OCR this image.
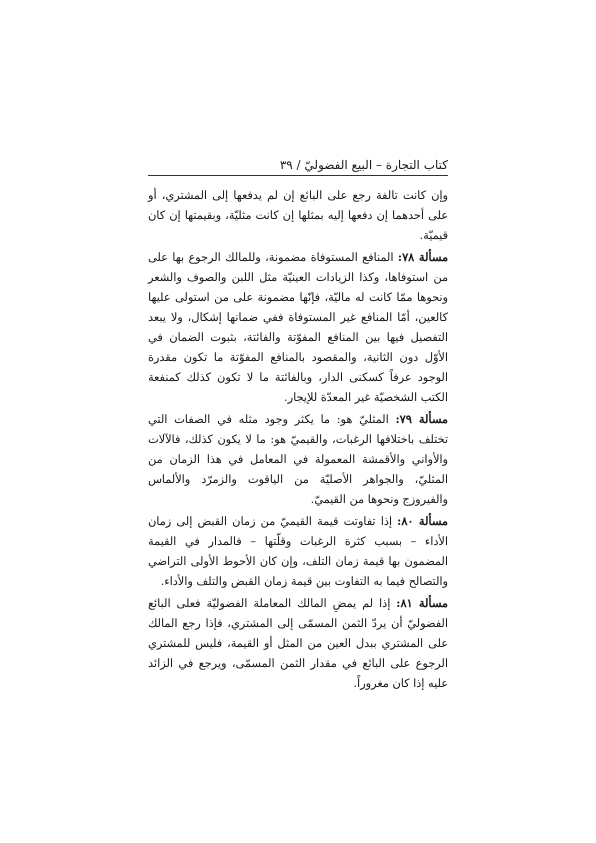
كتاب التجارة – البيع الفضوليّ / ٣٩

وإن كانت تالفة رجع على البائع إن لم يدفعها إلى المشتري، أو على أحدهما إن دفعها إليه بمثلها إن كانت مثليّة، وبقيمتها إن كان قيميّة.

مسألة ٧٨: المنافع المستوفاة مضمونة، وللمالك الرجوع بها على من استوفاها، وكذا الزيادات العينيّة مثل اللبن والصوف والشعر ونحوها ممّا كانت له ماليّة، فإنّها مضمونة على من استولى عليها كالعين، أمّا المنافع غير المستوفاة ففي ضمانها إشكال، ولا يبعد التفصيل فيها بين المنافع المفوّتة والفائتة، بثبوت الضمان في الأوّل دون الثانية، والمقصود بالمنافع المفوّتة ما تكون مقدرة الوجود عرفاً كسكنى الدار، وبالفائتة ما لا تكون كذلك كمنفعة الكتب الشخصيّة غير المعدّة للإيجار.

مسألة ٧٩: المثليّ هو: ما يكثر وجود مثله في الصفات التي تختلف باختلافها الرغبات، والقيميّ هو: ما لا يكون كذلك، فالآلات والأواني والأقمشة المعمولة في المعامل في هذا الزمان من المثليّ، والجواهر الأصليّة من الياقوت والزمرّد والألماس والفيروزج ونحوها من القيميّ.

مسألة ٨٠: إذا تفاوتت قيمة القيميّ من زمان القبض إلى زمان الأداء – بسبب كثرة الرغبات وقلّتها – فالمدار في القيمة المضمون بها قيمة زمان التلف، وإن كان الأحوط الأولى التراضي والتصالح فيما به التفاوت بين قيمة زمان القبض والتلف والأداء.

مسألة ٨١: إذا لم يمضِ المالك المعاملة الفضوليّة فعلى البائع الفضوليّ أن يردّ الثمن المسمّى إلى المشتري، فإذا رجع المالك على المشتري ببدل العين من المثل أو القيمة، فليس للمشتري الرجوع على البائع في مقدار الثمن المسمّى، ويرجع في الزائد عليه إذا كان مغروراً.
